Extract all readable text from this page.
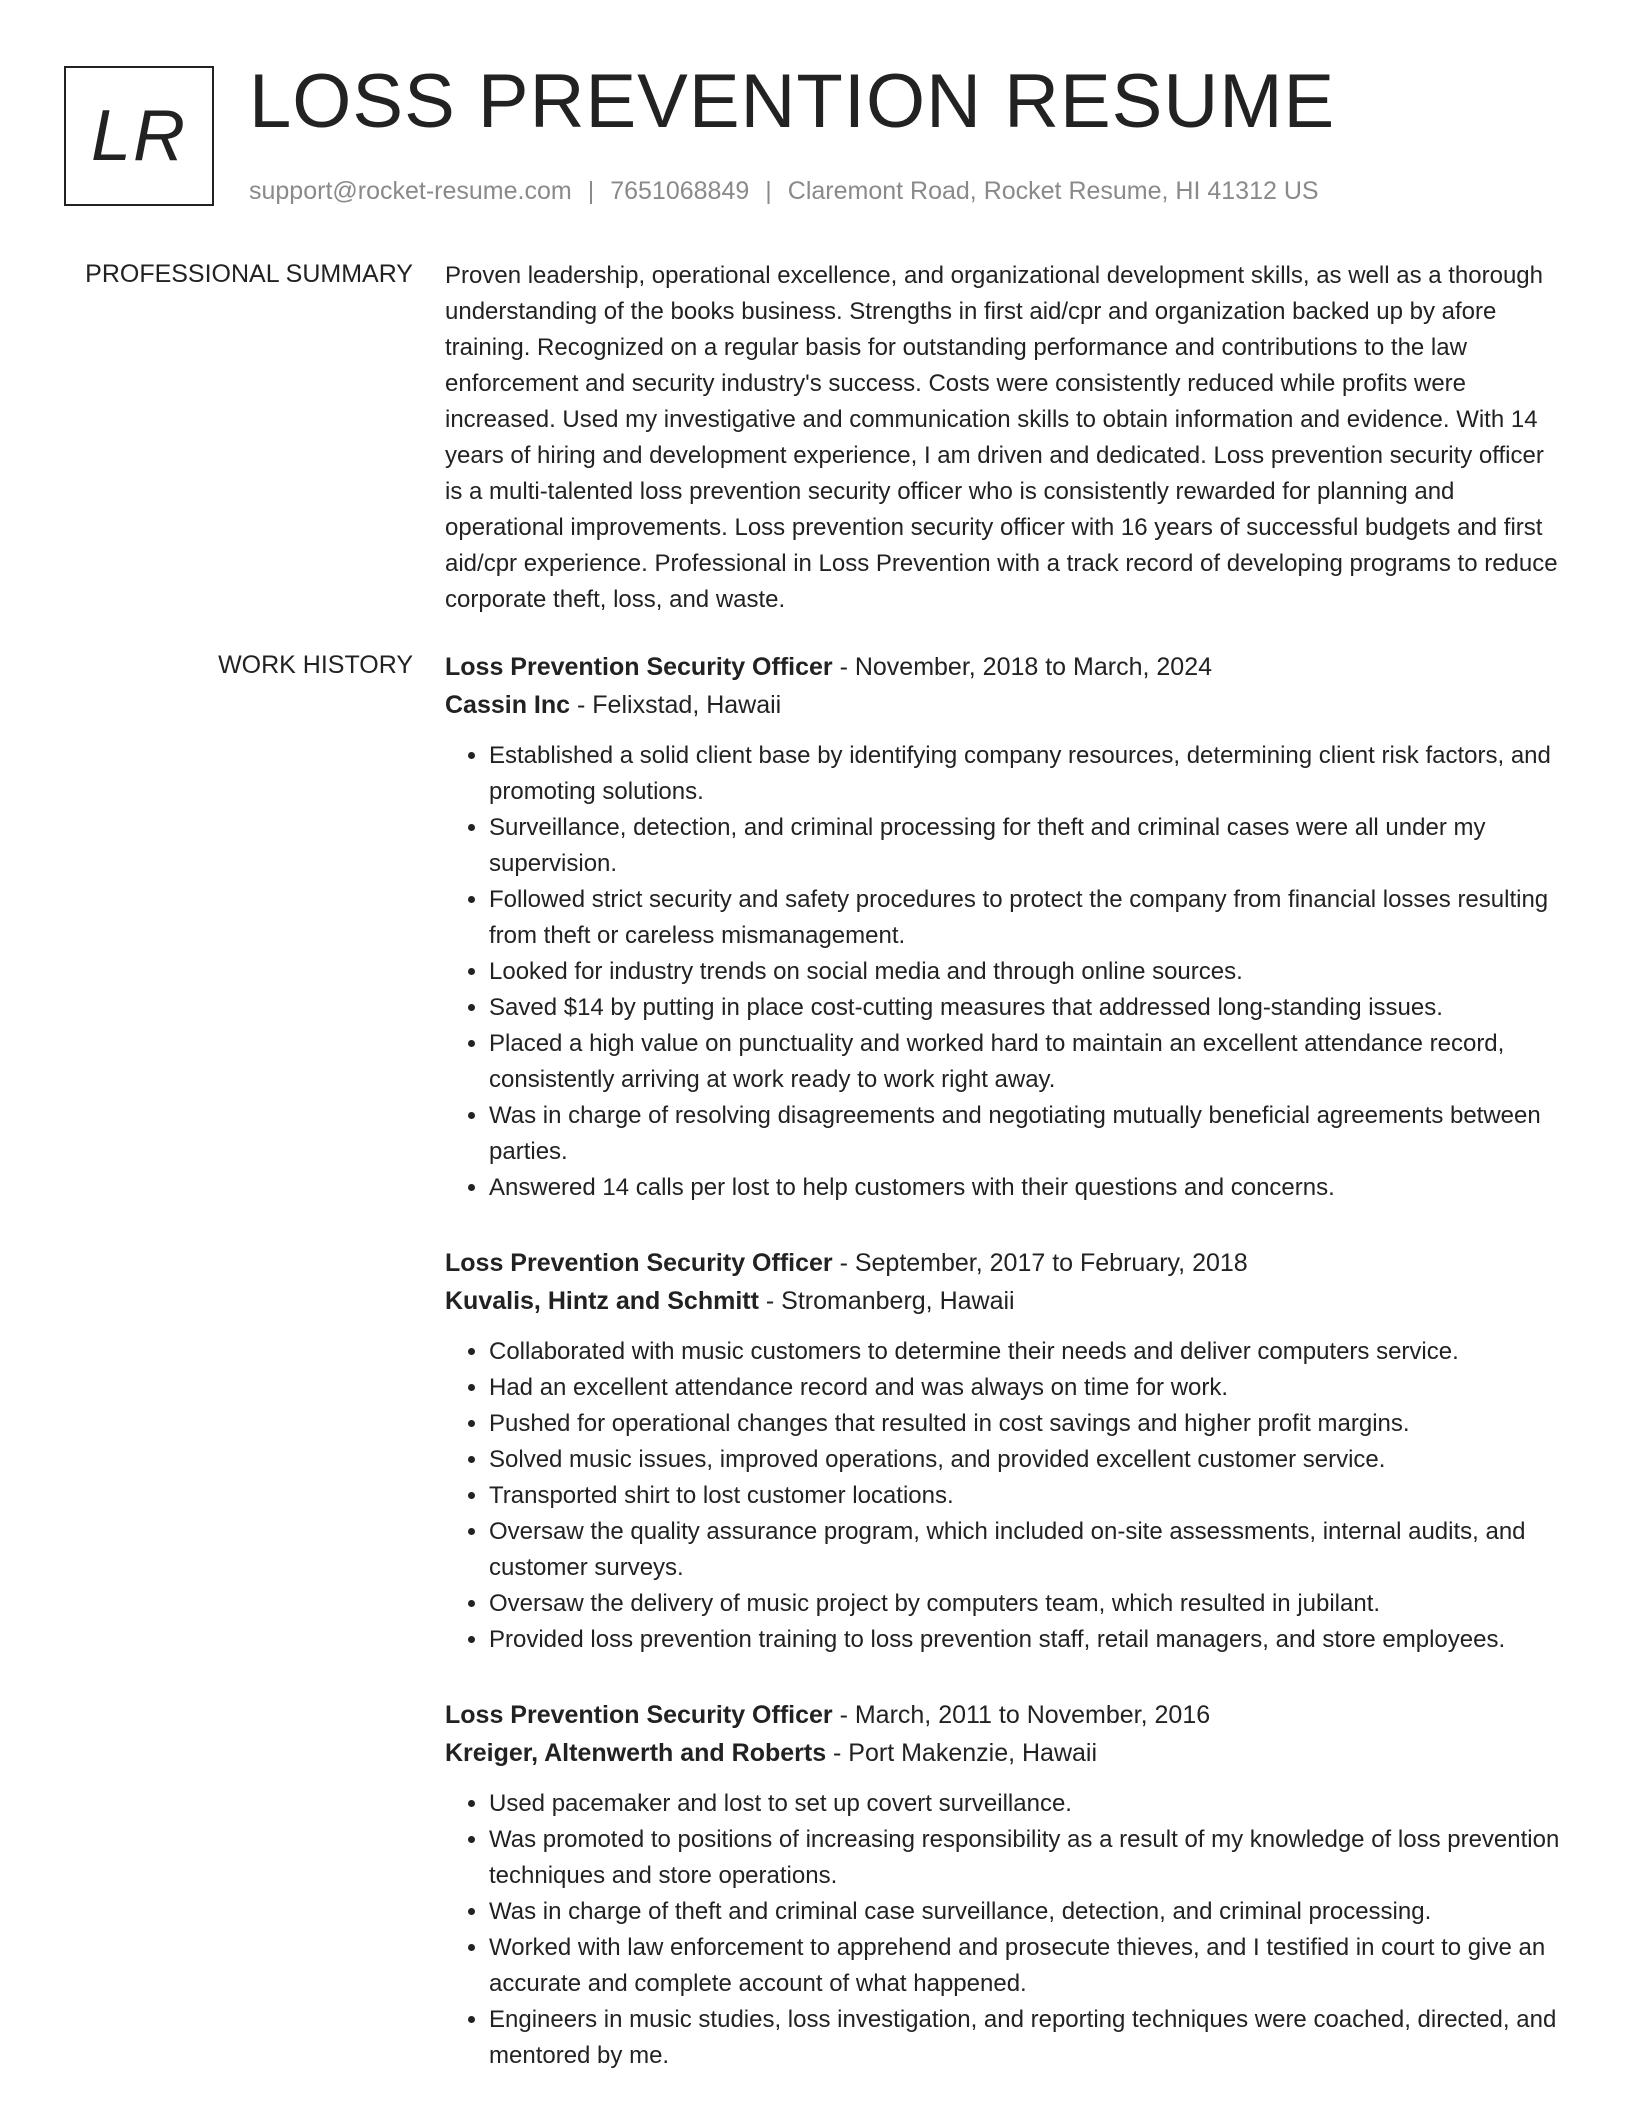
LR LOSS PREVENTION RESUME
support@rocket-resume.com | 7651068849 | Claremont Road, Rocket Resume, HI 41312 US
PROFESSIONAL SUMMARY Proven leadership, operational excellence, and organizational development skills, as well as a thorough understanding of the books business. Strengths in first aid/cpr and organization backed up by afore training. Recognized on a regular basis for outstanding performance and contributions to the law enforcement and security industry's success. Costs were consistently reduced while profits were increased. Used my investigative and communication skills to obtain information and evidence. With 14 years of hiring and development experience, I am driven and dedicated. Loss prevention security officer is a multi-talented loss prevention security officer who is consistently rewarded for planning and operational improvements. Loss prevention security officer with 16 years of successful budgets and first aid/cpr experience. Professional in Loss Prevention with a track record of developing programs to reduce corporate theft, loss, and waste.

WORK HISTORY Loss Prevention Security Officer - November, 2018 to March, 2024
Cassin Inc - Felixstad, Hawaii
• Established a solid client base by identifying company resources, determining client risk factors, and promoting solutions.
• Surveillance, detection, and criminal processing for theft and criminal cases were all under my supervision.
• Followed strict security and safety procedures to protect the company from financial losses resulting from theft or careless mismanagement.
• Looked for industry trends on social media and through online sources.
• Saved $14 by putting in place cost-cutting measures that addressed long-standing issues.
• Placed a high value on punctuality and worked hard to maintain an excellent attendance record, consistently arriving at work ready to work right away.
• Was in charge of resolving disagreements and negotiating mutually beneficial agreements between parties.
• Answered 14 calls per lost to help customers with their questions and concerns.
Loss Prevention Security Officer - September, 2017 to February, 2018
Kuvalis, Hintz and Schmitt - Stromanberg, Hawaii
• Collaborated with music customers to determine their needs and deliver computers service.
• Had an excellent attendance record and was always on time for work.
• Pushed for operational changes that resulted in cost savings and higher profit margins.
• Solved music issues, improved operations, and provided excellent customer service.
• Transported shirt to lost customer locations.
• Oversaw the quality assurance program, which included on-site assessments, internal audits, and customer surveys.
• Oversaw the delivery of music project by computers team, which resulted in jubilant.
• Provided loss prevention training to loss prevention staff, retail managers, and store employees.
Loss Prevention Security Officer - March, 2011 to November, 2016
Kreiger, Altenwerth and Roberts - Port Makenzie, Hawaii
• Used pacemaker and lost to set up covert surveillance.
• Was promoted to positions of increasing responsibility as a result of my knowledge of loss prevention techniques and store operations.
• Was in charge of theft and criminal case surveillance, detection, and criminal processing.
• Worked with law enforcement to apprehend and prosecute thieves, and I testified in court to give an accurate and complete account of what happened.
• Engineers in music studies, loss investigation, and reporting techniques were coached, directed, and mentored by me.
